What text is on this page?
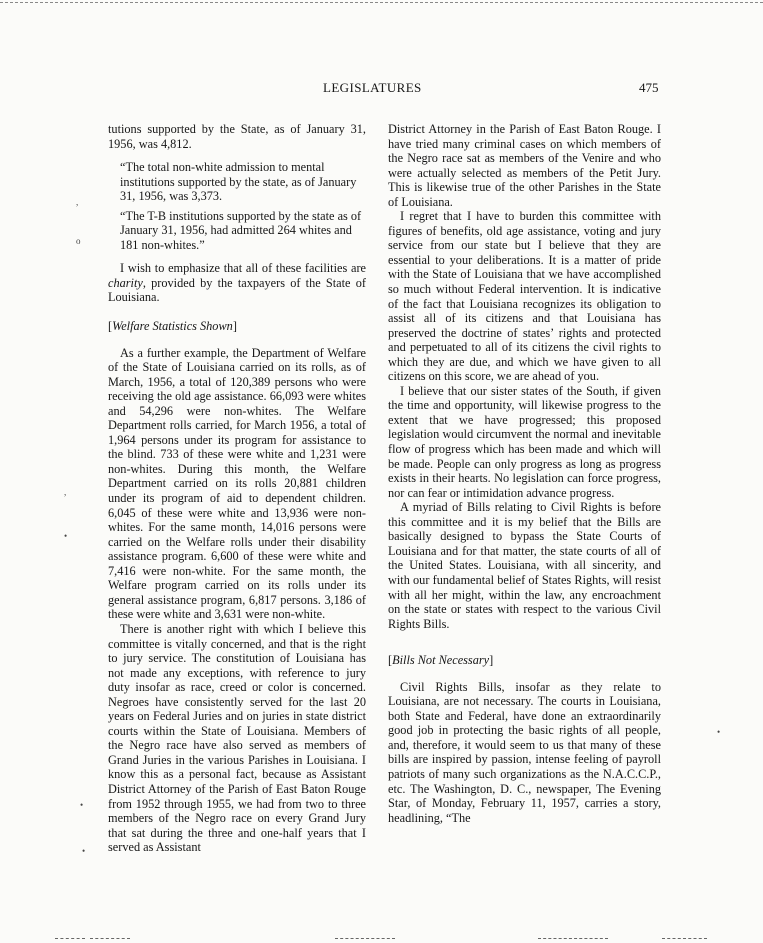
LEGISLATURES	475

tutions supported by the State, as of January 31, 1956, was 4,812.

“The total non-white admission to mental institutions supported by the state, as of January 31, 1956, was 3,373.

“The T-B institutions supported by the state as of January 31, 1956, had admitted 264 whites and 181 non-whites.”

I wish to emphasize that all of these facilities are charity, provided by the taxpayers of the State of Louisiana.

[Welfare Statistics Shown]

As a further example, the Department of Welfare of the State of Louisiana carried on its rolls, as of March, 1956, a total of 120,389 persons who were receiving the old age assistance. 66,093 were whites and 54,296 were non-whites. The Welfare Department rolls carried, for March 1956, a total of 1,964 persons under its program for assistance to the blind. 733 of these were white and 1,231 were non-whites. During this month, the Welfare Department carried on its rolls 20,881 children under its program of aid to dependent children. 6,045 of these were white and 13,936 were non-whites. For the same month, 14,016 persons were carried on the Welfare rolls under their disability assistance program. 6,600 of these were white and 7,416 were non-white. For the same month, the Welfare program carried on its rolls under its general assistance program, 6,817 persons. 3,186 of these were white and 3,631 were non-white.

There is another right with which I believe this committee is vitally concerned, and that is the right to jury service. The constitution of Louisiana has not made any exceptions, with reference to jury duty insofar as race, creed or color is concerned. Negroes have consistently served for the last 20 years on Federal Juries and on juries in state district courts within the State of Louisiana. Members of the Negro race have also served as members of Grand Juries in the various Parishes in Louisiana. I know this as a personal fact, because as Assistant District Attorney of the Parish of East Baton Rouge from 1952 through 1955, we had from two to three members of the Negro race on every Grand Jury that sat during the three and one-half years that I served as Assistant

District Attorney in the Parish of East Baton Rouge. I have tried many criminal cases on which members of the Negro race sat as members of the Venire and who were actually selected as members of the Petit Jury. This is likewise true of the other Parishes in the State of Louisiana.

I regret that I have to burden this committee with figures of benefits, old age assistance, voting and jury service from our state but I believe that they are essential to your deliberations. It is a matter of pride with the State of Louisiana that we have accomplished so much without Federal intervention. It is indicative of the fact that Louisiana recognizes its obligation to assist all of its citizens and that Louisiana has preserved the doctrine of states’ rights and protected and perpetuated to all of its citizens the civil rights to which they are due, and which we have given to all citizens on this score, we are ahead of you.

I believe that our sister states of the South, if given the time and opportunity, will likewise progress to the extent that we have progressed; this proposed legislation would circumvent the normal and inevitable flow of progress which has been made and which will be made. People can only progress as long as progress exists in their hearts. No legislation can force progress, nor can fear or intimidation advance progress.

A myriad of Bills relating to Civil Rights is before this committee and it is my belief that the Bills are basically designed to bypass the State Courts of Louisiana and for that matter, the state courts of all of the United States. Louisiana, with all sincerity, and with our fundamental belief of States Rights, will resist with all her might, within the law, any encroachment on the state or states with respect to the various Civil Rights Bills.

[Bills Not Necessary]

Civil Rights Bills, insofar as they relate to Louisiana, are not necessary. The courts in Louisiana, both State and Federal, have done an extraordinarily good job in protecting the basic rights of all people, and, therefore, it would seem to us that many of these bills are inspired by passion, intense feeling of payroll patriots of many such organizations as the N.A.C.C.P., etc. The Washington, D. C., newspaper, The Evening Star, of Monday, February 11, 1957, carries a story, headlining, “The

,
o
,
•
•
•
•
